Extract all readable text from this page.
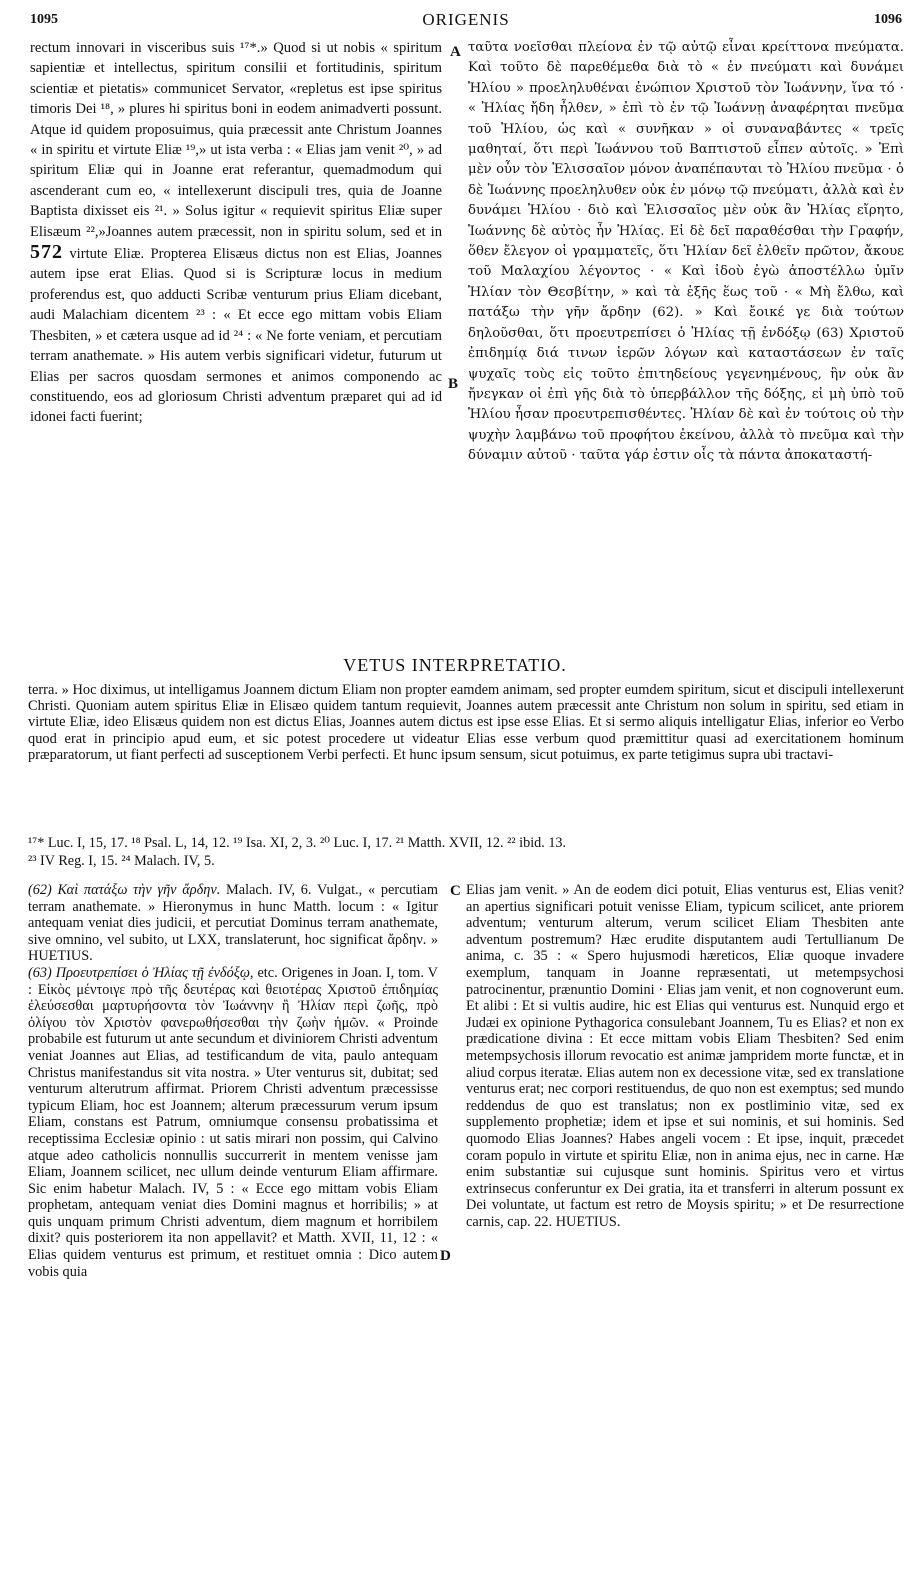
1095	ORIGENIS	1096

rectum innovari in visceribus suis ¹⁷*.» Quod si ut nobis « spiritum sapientiæ et intellectus, spiritum consilii et fortitudinis, spiritum scientiæ et pietatis» communicet Servator, «repletus est ipse spiritus timoris Dei ¹⁸, » plures hi spiritus boni in eodem animadverti possunt. Atque id quidem proposuimus, quia præcessit ante Christum Joannes « in spiritu et virtute Eliæ ¹⁹,» ut ista verba : « Elias jam venit ²⁰, » ad spiritum Eliæ qui in Joanne erat referantur, quemadmodum qui ascenderant cum eo, « intellexerunt discipuli tres, quia de Joanne Baptista dixisset eis ²¹. » Solus igitur « requievit spiritus Eliæ super Elisæum ²²,»Joannes autem præcessit, non in spiritu solum, sed et in 572 virtute Eliæ. Propterea Elisæus dictus non est Elias, Joannes autem ipse erat Elias. Quod si is Scripturæ locus in medium proferendus est, quo adducti Scribæ venturum prius Eliam dicebant, audi Malachiam dicentem ²³ : « Et ecce ego mittam vobis Eliam Thesbiten, » et cætera usque ad id ²⁴ : « Ne forte veniam, et percutiam terram anathemate. » His autem verbis significari videtur, futurum ut Elias per sacros quosdam sermones et animos componendo ac constituendo, eos ad gloriosum Christi adventum præparet qui ad id idonei facti fuerint;

A
B

ταῦτα νοεῖσθαι πλείονα ἐν τῷ αὐτῷ εἶναι κρείττονα πνεύματα. Καὶ τοῦτο δὲ παρεθέμεθα διὰ τὸ « ἐν πνεύματι καὶ δυνάμει Ἠλίου » προεληλυθέναι ἐνώπιον Χριστοῦ τὸν Ἰωάννην, ἵνα τό · « Ἠλίας ἤδη ἦλθεν, » ἐπὶ τὸ ἐν τῷ Ἰωάννῃ ἀναφέρηται πνεῦμα τοῦ Ἠλίου, ὡς καὶ « συνῆκαν » οἱ συναναβάντες « τρεῖς μαθηταί, ὅτι περὶ Ἰωάννου τοῦ Βαπτιστοῦ εἶπεν αὐτοῖς. » Ἐπὶ μὲν οὖν τὸν Ἐλισσαῖον μόνον ἀναπέπαυται τὸ Ἠλίου πνεῦμα · ὁ δὲ Ἰωάννης προεληλυθεν οὐκ ἐν μόνῳ τῷ πνεύματι, ἀλλὰ καὶ ἐν δυνάμει Ἠλίου · διὸ καὶ Ἐλισσαῖος μὲν οὐκ ἂν Ἠλίας εἴρητο, Ἰωάννης δὲ αὐτὸς ἦν Ἠλίας. Εἰ δὲ δεῖ παραθέσθαι τὴν Γραφήν, ὅθεν ἔλεγον οἱ γραμματεῖς, ὅτι Ἠλίαν δεῖ ἐλθεῖν πρῶτον, ἄκουε τοῦ Μαλαχίου λέγοντος · « Καὶ ἰδοὺ ἐγὼ ἀποστέλλω ὑμῖν Ἠλίαν τὸν Θεσβίτην, » καὶ τὰ ἑξῆς ἕως τοῦ · « Μὴ ἔλθω, καὶ πατάξω τὴν γῆν ἄρδην (62). » Καὶ ἔοικέ γε διὰ τούτων δηλοῦσθαι, ὅτι προευτρεπίσει ὁ Ἠλίας τῇ ἐνδόξῳ (63) Χριστοῦ ἐπιδημίᾳ διά τινων ἱερῶν λόγων καὶ καταστάσεων ἐν ταῖς ψυχαῖς τοὺς εἰς τοῦτο ἐπιτηδείους γεγενημένους, ἣν οὐκ ἂν ἤνεγκαν οἱ ἐπὶ γῆς διὰ τὸ ὑπερβάλλον τῆς δόξης, εἰ μὴ ὑπὸ τοῦ Ἠλίου ἦσαν προευτρεπισθέντες. Ἠλίαν δὲ καὶ ἐν τούτοις οὐ τὴν ψυχὴν λαμβάνω τοῦ προφήτου ἐκείνου, ἀλλὰ τὸ πνεῦμα καὶ τὴν δύναμιν αὐτοῦ · ταῦτα γάρ ἐστιν οἷς τὰ πάντα ἀποκαταστή-

VETUS INTERPRETATIO.

terra. » Hoc diximus, ut intelligamus Joannem dictum Eliam non propter eamdem animam, sed propter eumdem spiritum, sicut et discipuli intellexerunt Christi. Quoniam autem spiritus Eliæ in Elisæo quidem tantum requievit, Joannes autem præcessit ante Christum non solum in spiritu, sed etiam in virtute Eliæ, ideo Elisæus quidem non est dictus Elias, Joannes autem dictus est ipse esse Elias. Et si sermo aliquis intelligatur Elias, inferior eo Verbo quod erat in principio apud eum, et sic potest procedere ut videatur Elias esse verbum quod præmittitur quasi ad exercitationem hominum præparatorum, ut fiant perfecti ad susceptionem Verbi perfecti. Et hunc ipsum sensum, sicut potuimus, ex parte tetigimus supra ubi tractavi-

¹⁷* Luc. I, 15, 17. ¹⁸ Psal. L, 14, 12. ¹⁹ Isa. XI, 2, 3. ²⁰ Luc. I, 17. ²¹ Matth. XVII, 12. ²² ibid. 13.

²³ IV Reg. I, 15. ²⁴ Malach. IV, 5.

C
D

(62) Καὶ πατάξω τὴν γῆν ἄρδην. Malach. IV, 6. Vulgat., « percutiam terram anathemate. » Hieronymus in hunc Matth. locum : « Igitur antequam veniat dies judicii, et percutiat Dominus terram anathemate, sive omnino, vel subito, ut LXX, translaterunt, hoc significat ἄρδην. » HUETIUS.

(63) Προευτρεπίσει ὁ Ἠλίας τῇ ἐνδόξῳ, etc. Origenes in Joan. I, tom. V : Εἰκὸς μέντοιγε πρὸ τῆς δευτέρας καὶ θειοτέρας Χριστοῦ ἐπιδημίας ἐλεύσεσθαι μαρτυρήσοντα τὸν Ἰωάννην ἢ Ἠλίαν περὶ ζωῆς, πρὸ ὀλίγου τὸν Χριστὸν φανερωθήσεσθαι τὴν ζωὴν ἡμῶν. « Proinde probabile est futurum ut ante secundum et diviniorem Christi adventum veniat Joannes aut Elias, ad testificandum de vita, paulo antequam Christus manifestandus sit vita nostra. » Uter venturus sit, dubitat; sed venturum alterutrum affirmat. Priorem Christi adventum præcessisse typicum Eliam, hoc est Joannem; alterum præcessurum verum ipsum Eliam, constans est Patrum, omniumque consensu probatissima et receptissima Ecclesiæ opinio : ut satis mirari non possim, qui Calvino atque adeo catholicis nonnullis succurrerit in mentem venisse jam Eliam, Joannem scilicet, nec ullum deinde venturum Eliam affirmare. Sic enim habetur Malach. IV, 5 : « Ecce ego mittam vobis Eliam prophetam, antequam veniat dies Domini magnus et horribilis; » at quis unquam primum Christi adventum, diem magnum et horribilem dixit? quis posteriorem ita non appellavit? et Matth. XVII, 11, 12 : « Elias quidem venturus est primum, et restituet omnia : Dico autem vobis quia

Elias jam venit. » An de eodem dici potuit, Elias venturus est, Elias venit? an apertius significari potuit venisse Eliam, typicum scilicet, ante priorem adventum; venturum alterum, verum scilicet Eliam Thesbiten ante adventum postremum? Hæc erudite disputantem audi Tertullianum De anima, c. 35 : « Spero hujusmodi hæreticos, Eliæ quoque invadere exemplum, tanquam in Joanne repræsentati, ut metempsychosi patrocinentur, prænuntio Domini · Elias jam venit, et non cognoverunt eum. Et alibi : Et si vultis audire, hic est Elias qui venturus est. Nunquid ergo et Judæi ex opinione Pythagorica consulebant Joannem, Tu es Elias? et non ex prædicatione divina : Et ecce mittam vobis Eliam Thesbiten? Sed enim metempsychosis illorum revocatio est animæ jampridem morte functæ, et in aliud corpus iteratæ. Elias autem non ex decessione vitæ, sed ex translatione venturus erat; nec corpori restituendus, de quo non est exemptus; sed mundo reddendus de quo est translatus; non ex postliminio vitæ, sed ex supplemento prophetiæ; idem et ipse et sui nominis, et sui hominis. Sed quomodo Elias Joannes? Habes angeli vocem : Et ipse, inquit, præcedet coram populo in virtute et spiritu Eliæ, non in anima ejus, nec in carne. Hæ enim substantiæ sui cujusque sunt hominis. Spiritus vero et virtus extrinsecus conferuntur ex Dei gratia, ita et transferri in alterum possunt ex Dei voluntate, ut factum est retro de Moysis spiritu; » et De resurrectione carnis, cap. 22. HUETIUS.
